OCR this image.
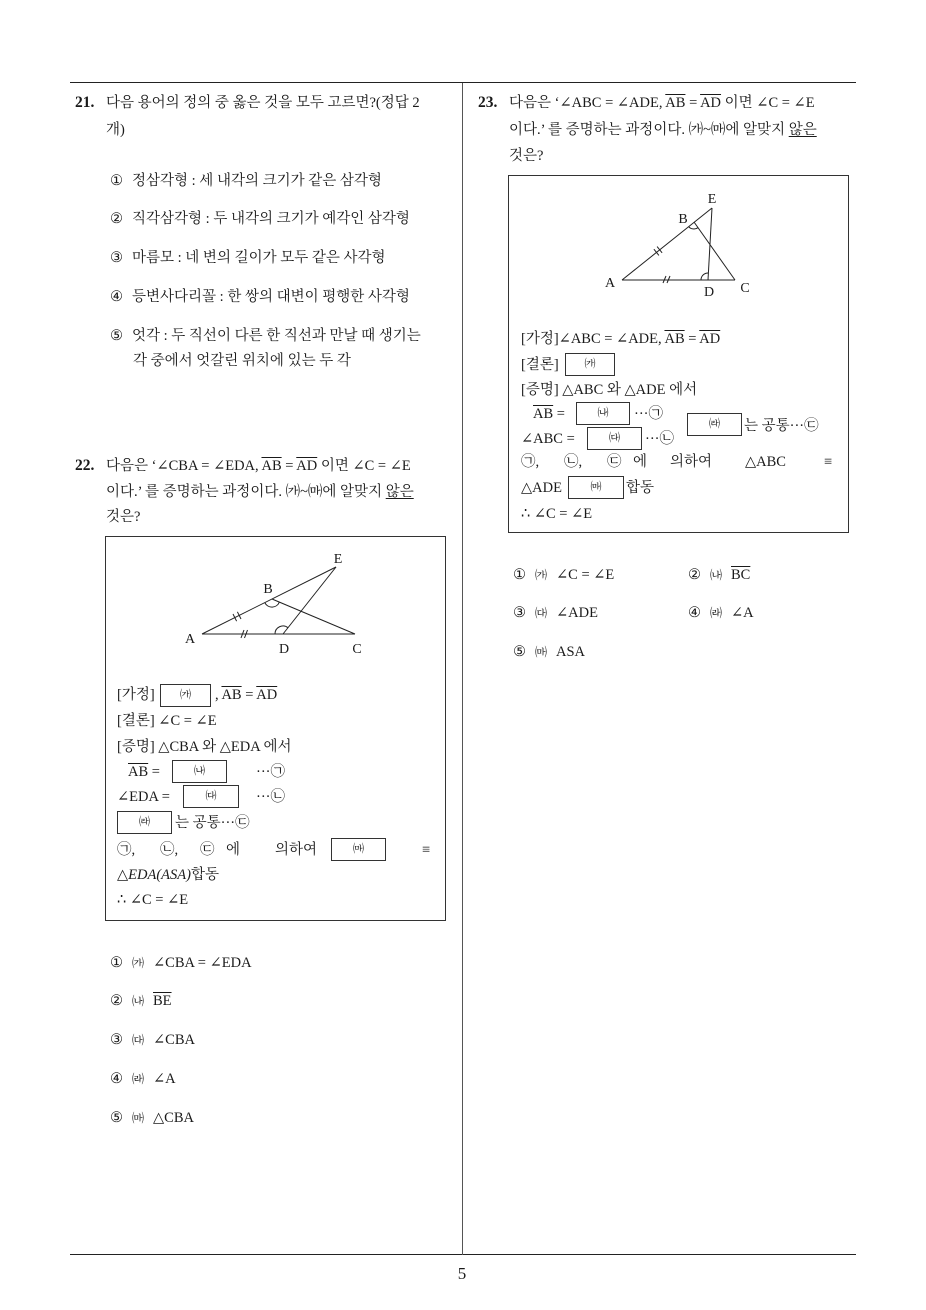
21. 다음 용어의 정의 중 옳은 것을 모두 고르면?(정답 2
개)
① 정삼각형 : 세 내각의 크기가 같은 삼각형
② 직각삼각형 : 두 내각의 크기가 예각인 삼각형
③ 마름모 : 네 변의 길이가 모두 같은 사각형
④ 등변사다리꼴 : 한 쌍의 대변이 평행한 사각형
⑤ 엇각 : 두 직선이 다른 한 직선과 만날 때 생기는
각 중에서 엇갈린 위치에 있는 두 각
22. 다음은 ‘∠CBA = ∠EDA, $\overline{AB} = \overline{AD}$ 이면 ∠C = ∠E
이다.’ 를 증명하는 과정이다. ㈎~㈒에 알맞지 않은
것은?
A
B
E
D	C
[가정]	㈎	, $\overline{AB} = \overline{AD}$
[결론] ∠C = ∠E
[증명] △CBA 와 △EDA 에서
$\overline{AB}$ =	㈏	···㉠
∠EDA =	㈐	···㉡
㈑	는 공통···㉢
㉠, ㉡, ㉢ 에 의하여	㈒	≡
△EDA(ASA)합동
∴ ∠C = ∠E
① ㈎ ∠CBA = ∠EDA
② ㈏ $\overline{BE}$
③ ㈐ ∠CBA
④ ㈑ ∠A
⑤ ㈒ △CBA
23. 다음은 ‘∠ABC = ∠ADE, $\overline{AB} = \overline{AD}$ 이면 ∠C = ∠E
이다.’ 를 증명하는 과정이다. ㈎~㈒에 알맞지 않은
것은?
A
B
E
D C
[가정]∠ABC = ∠ADE, $\overline{AB} = \overline{AD}$
[결론]	㈎
[증명] △ABC 와 △ADE 에서
$\overline{AB}$ =	㈏	···㉠
㈑	는 공통···㉢
∠ABC =	㈐	···㉡
㉠, ㉡, ㉢ 에 의하여 △ABC	≡
△ADE	㈒	합동
∴ ∠C = ∠E
① ㈎ ∠C = ∠E	② ㈏ $\overline{BC}$
③ ㈐ ∠ADE	④ ㈑ ∠A
⑤ ㈒ ASA
5
